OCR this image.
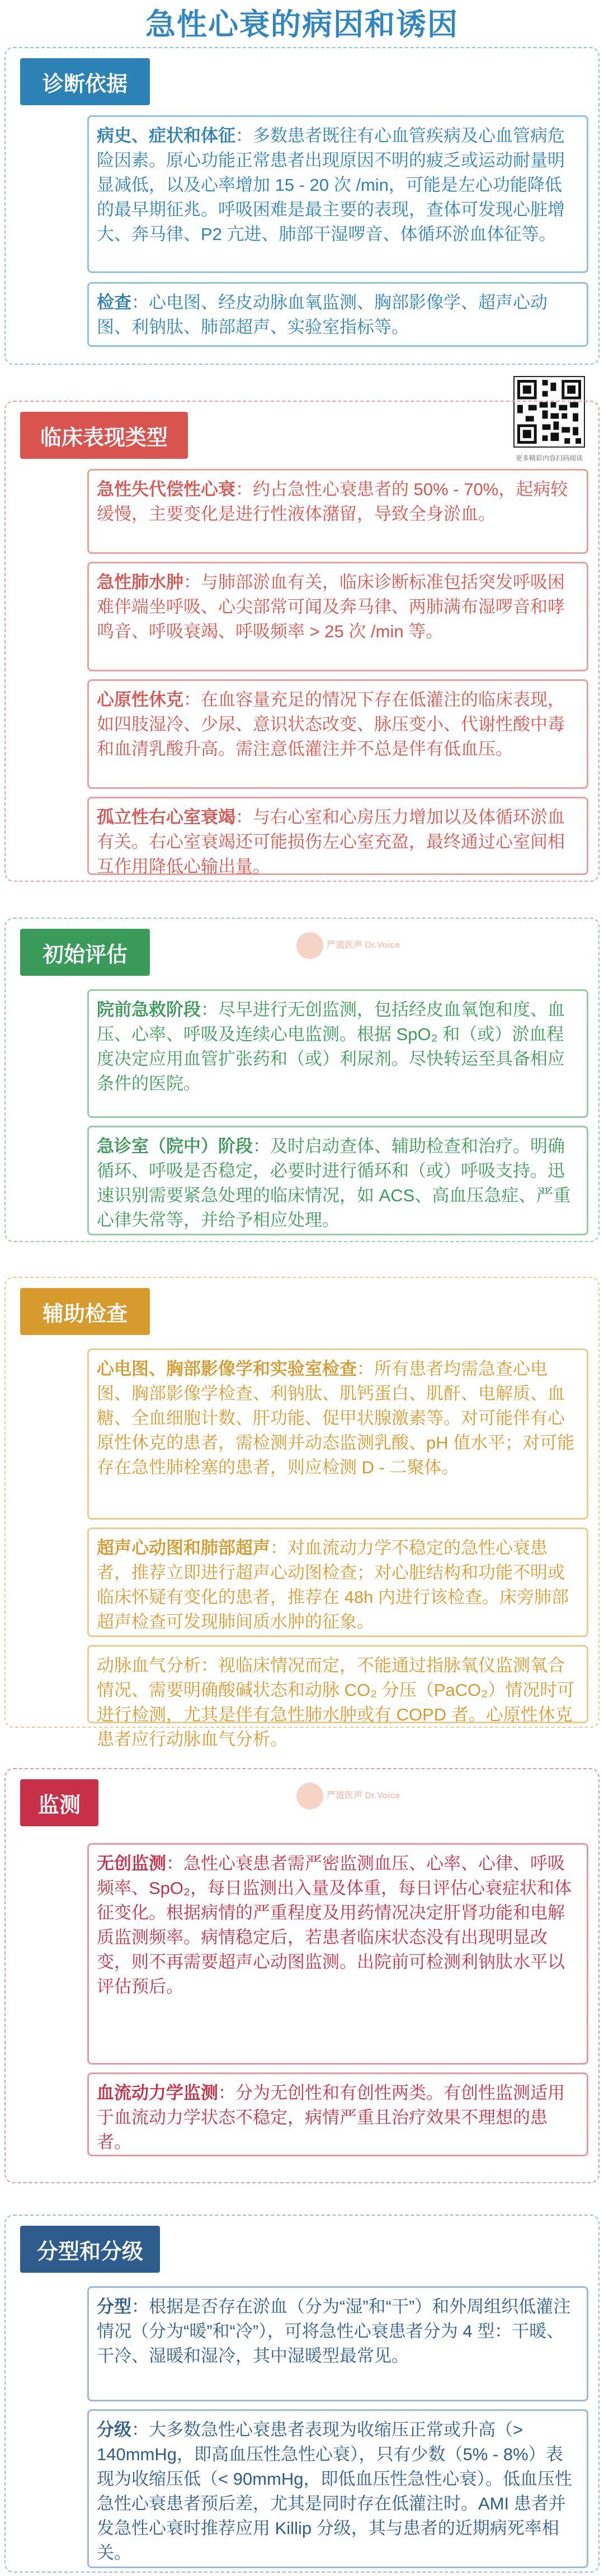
急性心衰的病因和诱因
诊断依据
病史、症状和体征：多数患者既往有心血管疾病及心血管病危险因素。原心功能正常患者出现原因不明的疲乏或运动耐量明显减低，以及心率增加 15 - 20 次 /min，可能是左心功能降低的最早期征兆。呼吸困难是最主要的表现，查体可发现心脏增大、奔马律、P2 亢进、肺部干湿啰音、体循环淤血体征等。
检查：心电图、经皮动脉血氧监测、胸部影像学、超声心动图、利钠肽、肺部超声、实验室指标等。
更多精彩内容扫码阅读
临床表现类型
急性失代偿性心衰：约占急性心衰患者的 50% - 70%，起病较缓慢，主要变化是进行性液体潴留，导致全身淤血。
急性肺水肿：与肺部淤血有关，临床诊断标准包括突发呼吸困难伴端坐呼吸、心尖部常可闻及奔马律、两肺满布湿啰音和哮鸣音、呼吸衰竭、呼吸频率 > 25 次 /min 等。
心原性休克：在血容量充足的情况下存在低灌注的临床表现，如四肢湿冷、少尿、意识状态改变、脉压变小、代谢性酸中毒和血清乳酸升高。需注意低灌注并不总是伴有低血压。
孤立性右心室衰竭：与右心室和心房压力增加以及体循环淤血有关。右心室衰竭还可能损伤左心室充盈，最终通过心室间相互作用降低心输出量。
初始评估	严道医声 Dr.Voice
院前急救阶段：尽早进行无创监测，包括经皮血氧饱和度、血压、心率、呼吸及连续心电监测。根据 SpO₂ 和（或）淤血程度决定应用血管扩张药和（或）利尿剂。尽快转运至具备相应条件的医院。
急诊室（院中）阶段：及时启动查体、辅助检查和治疗。明确循环、呼吸是否稳定，必要时进行循环和（或）呼吸支持。迅速识别需要紧急处理的临床情况，如 ACS、高血压急症、严重心律失常等，并给予相应处理。
辅助检查
心电图、胸部影像学和实验室检查：所有患者均需急查心电图、胸部影像学检查、利钠肽、肌钙蛋白、肌酐、电解质、血糖、全血细胞计数、肝功能、促甲状腺激素等。对可能伴有心原性休克的患者，需检测并动态监测乳酸、pH 值水平；对可能存在急性肺栓塞的患者，则应检测 D - 二聚体。
超声心动图和肺部超声：对血流动力学不稳定的急性心衰患者，推荐立即进行超声心动图检查；对心脏结构和功能不明或临床怀疑有变化的患者，推荐在 48h 内进行该检查。床旁肺部超声检查可发现肺间质水肿的征象。
动脉血气分析：视临床情况而定，不能通过指脉氧仪监测氧合情况、需要明确酸碱状态和动脉 CO₂ 分压（PaCO₂）情况时可进行检测，尤其是伴有急性肺水肿或有 COPD 者。心原性休克患者应行动脉血气分析。
监测	严道医声 Dr.Voice
无创监测：急性心衰患者需严密监测血压、心率、心律、呼吸频率、SpO₂，每日监测出入量及体重，每日评估心衰症状和体征变化。根据病情的严重程度及用药情况决定肝肾功能和电解质监测频率。病情稳定后，若患者临床状态没有出现明显改变，则不再需要超声心动图监测。出院前可检测利钠肽水平以评估预后。
血流动力学监测：分为无创性和有创性两类。有创性监测适用于血流动力学状态不稳定，病情严重且治疗效果不理想的患者。
分型和分级
分型：根据是否存在淤血（分为“湿”和“干”）和外周组织低灌注情况（分为“暖”和“冷”），可将急性心衰患者分为 4 型：干暖、干冷、湿暖和湿冷，其中湿暖型最常见。
分级：大多数急性心衰患者表现为收缩压正常或升高（> 140mmHg，即高血压性急性心衰），只有少数（5% - 8%）表现为收缩压低（< 90mmHg，即低血压性急性心衰）。低血压性急性心衰患者预后差，尤其是同时存在低灌注时。AMI 患者并发急性心衰时推荐应用 Killip 分级，其与患者的近期病死率相关。
